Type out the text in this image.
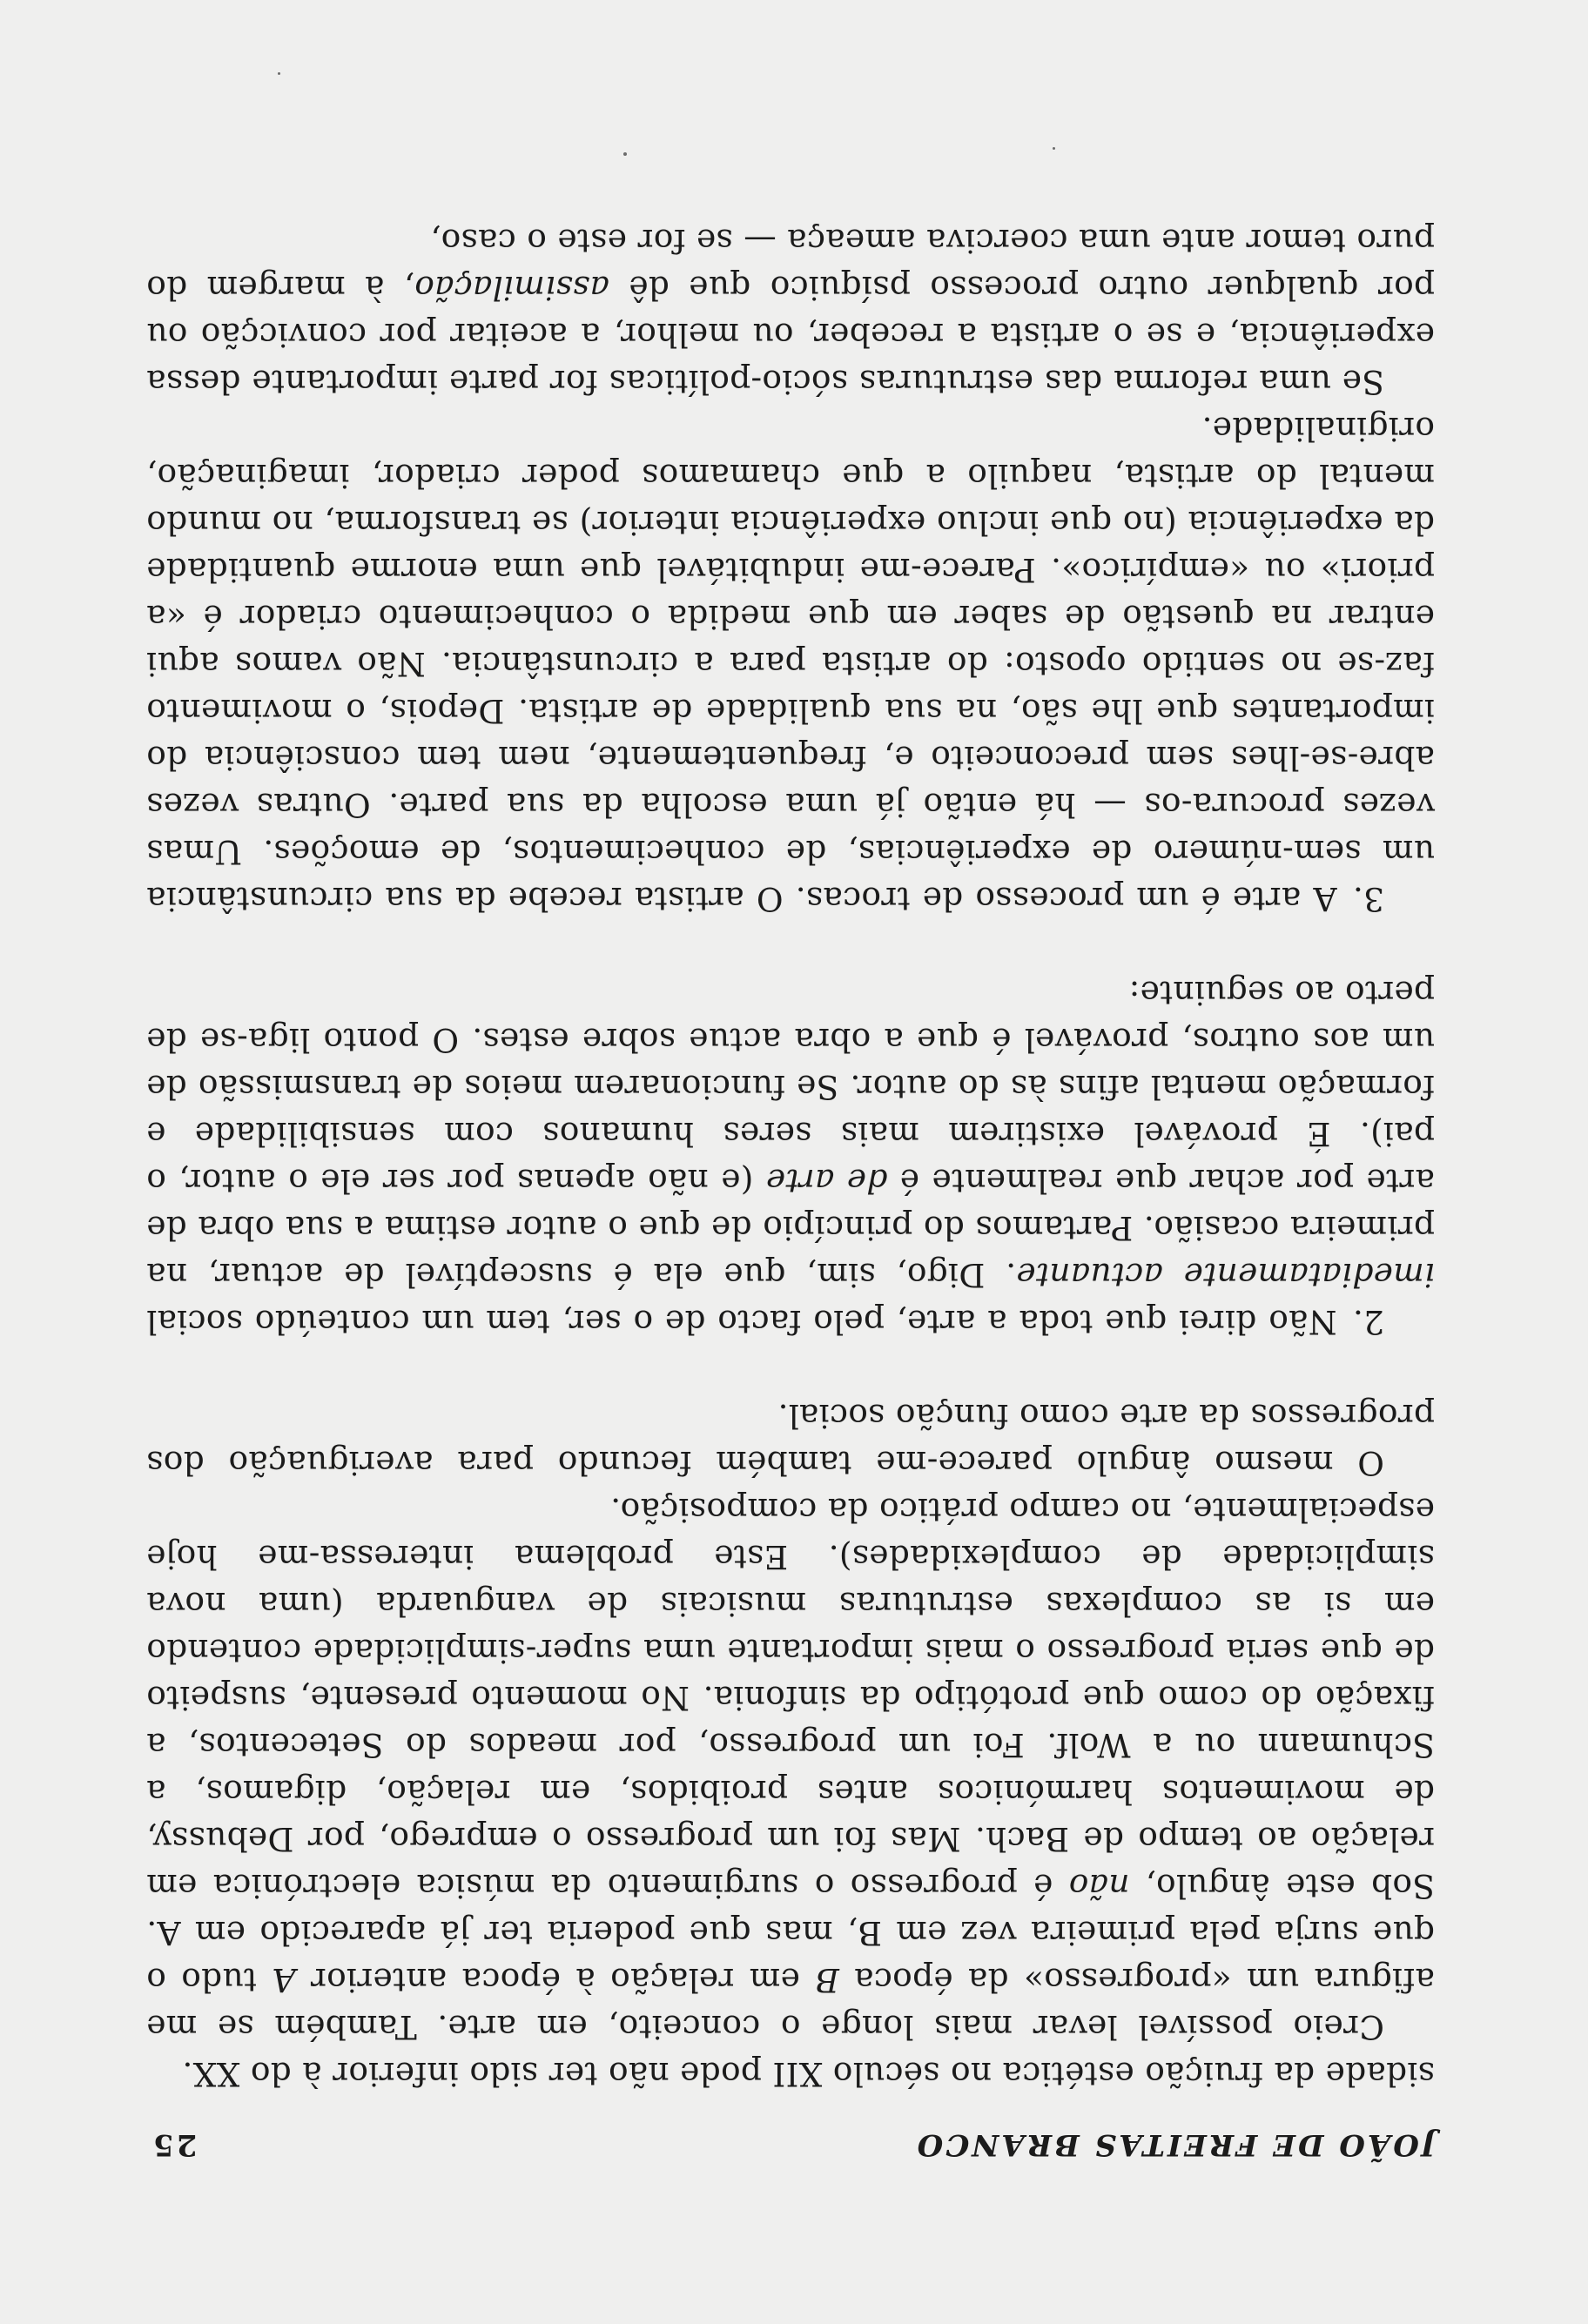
JOÃO DE FREITAS BRANCO
25

sidade da fruição estética no século XII pode não ter sido inferior à do XX.

Creio possível levar mais longe o conceito, em arte. Também se me afigura um «progresso» da época B em relação à época anterior A tudo o que surja pela primeira vez em B, mas que poderia ter já aparecido em A. Sob este ângulo, não é progresso o surgimento da música electrónica em relação ao tempo de Bach. Mas foi um progresso o emprego, por Debussy, de movimentos harmónicos antes proibidos, em relação, digamos, a Schumann ou a Wolf. Foi um progresso, por meados do Setecentos, a fixação do como que protótipo da sinfonia. No momento presente, suspeito de que seria progresso o mais importante uma super-simplicidade contendo em si as complexas estruturas musicais de vanguarda (uma nova simplicidade de complexidades). Este problema interessa-me hoje especialmente, no campo prático da composição.

O mesmo ângulo parece-me também fecundo para averiguação dos progressos da arte como função social.

2.Não direi que toda a arte, pelo facto de o ser, tem um conteúdo social imediatamente actuante. Digo, sim, que ela é susceptível de actuar, na primeira ocasião. Partamos do princípio de que o autor estima a sua obra de arte por achar que realmente é de arte (e não apenas por ser ele o autor, o pai). É provável existirem mais seres humanos com sensibilidade e formação mental afins às do autor. Se funcionarem meios de transmissão de um aos outros, provável é que a obra actue sobre estes. O ponto liga-se de perto ao seguinte:

3.A arte é um processo de trocas. O artista recebe da sua circunstância um sem-número de experiências, de conhecimentos, de emoções. Umas vezes procura-os — há então já uma escolha da sua parte. Outras vezes abre-se-lhes sem preconceito e, frequentemente, nem tem consciência do importantes que lhe são, na sua qualidade de artista. Depois, o movimento faz-se no sentido oposto: do artista para a circunstância. Não vamos aqui entrar na questão de saber em que medida o conhecimento criador é «a priori» ou «empírico». Parece-me indubitável que uma enorme quantidade da experiência (no que incluo experiência interior) se transforma, no mundo mental do artista, naquilo a que chamamos poder criador, imaginação, originalidade.

Se uma reforma das estruturas sócio-políticas for parte importante dessa experiência, e se o artista a receber, ou melhor, a aceitar por convicção ou por qualquer outro processo psíquico que dê assimilação, à margem do puro temor ante uma coerciva ameaça — se for este o caso,
